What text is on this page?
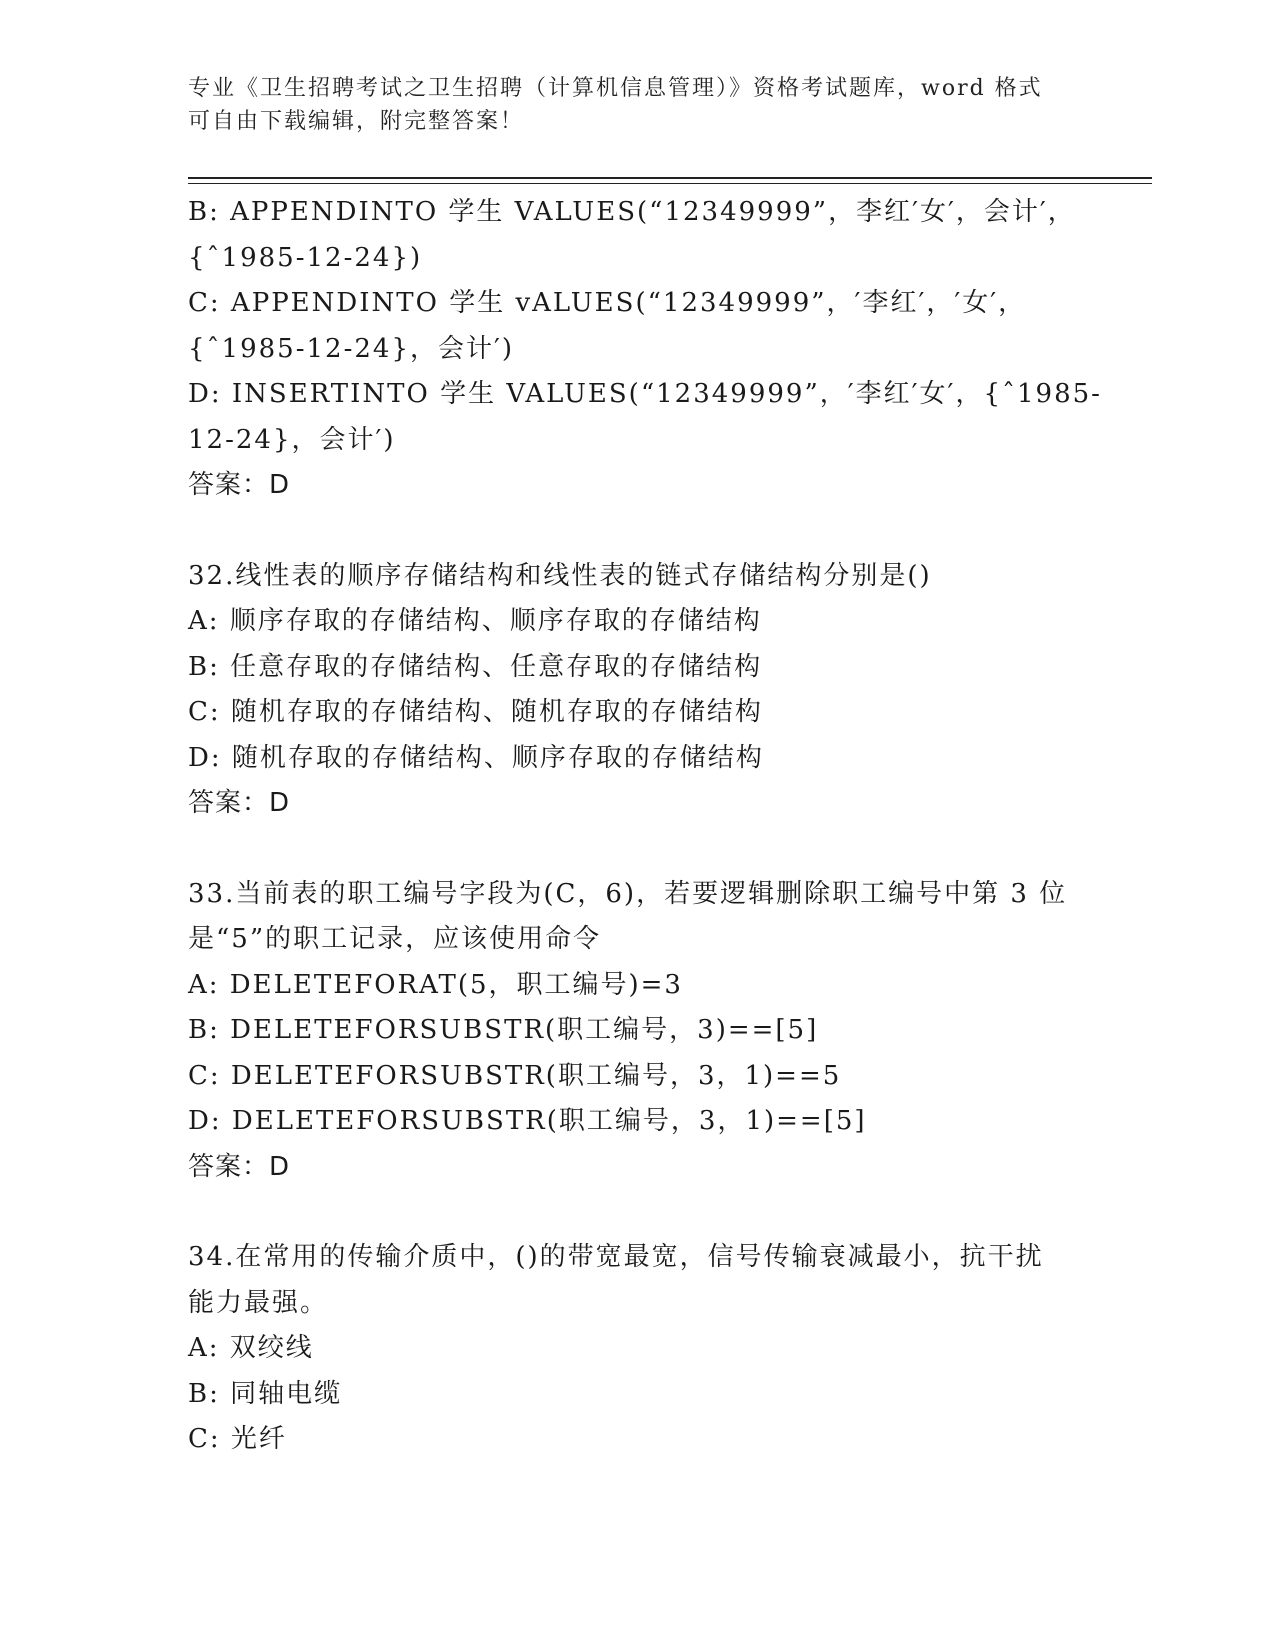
专业《卫生招聘考试之卫生招聘（计算机信息管理）》资格考试题库，word 格式
可自由下载编辑，附完整答案！
B: APPENDINTO 学生 VALUES(“12349999”，李红′女′，会计′，
{ˆ1985-12-24})
C: APPENDINTO 学生 vALUES(“12349999”，′李红′，′女′，
{ˆ1985-12-24}，会计′)
D: INSERTINTO 学生 VALUES(“12349999”，′李红′女′，{ˆ1985-
12-24}，会计′)
答案：D
32.线性表的顺序存储结构和线性表的链式存储结构分别是()
A: 顺序存取的存储结构、顺序存取的存储结构
B: 任意存取的存储结构、任意存取的存储结构
C: 随机存取的存储结构、随机存取的存储结构
D: 随机存取的存储结构、顺序存取的存储结构
答案：D
33.当前表的职工编号字段为(C，6)，若要逻辑删除职工编号中第 3 位
是“5”的职工记录，应该使用命令
A: DELETEFORAT(5，职工编号)=3
B: DELETEFORSUBSTR(职工编号，3)==[5]
C: DELETEFORSUBSTR(职工编号，3，1)==5
D: DELETEFORSUBSTR(职工编号，3，1)==[5]
答案：D
34.在常用的传输介质中，()的带宽最宽，信号传输衰减最小，抗干扰
能力最强。
A: 双绞线
B: 同轴电缆
C: 光纤
